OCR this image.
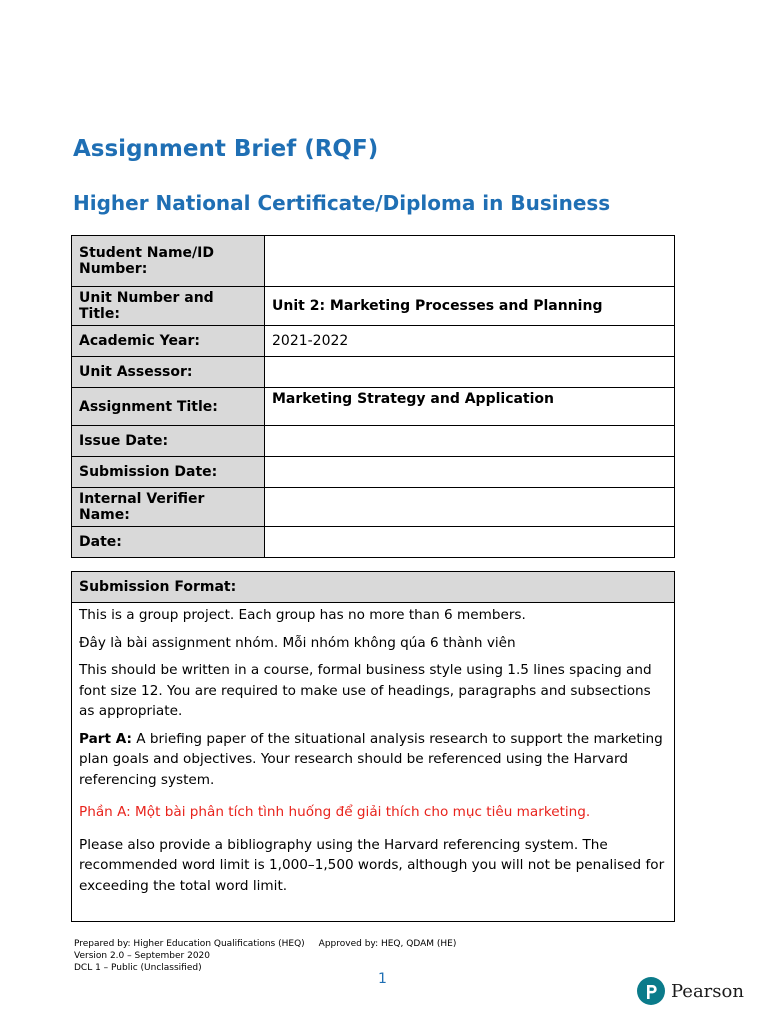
Assignment Brief (RQF)
Higher National Certificate/Diploma in Business
Student Name/ID Number:	
Unit Number and Title:	Unit 2: Marketing Processes and Planning
Academic Year:	2021-2022
Unit Assessor:	
Assignment Title:	Marketing Strategy and Application
Issue Date:	
Submission Date:	
Internal Verifier Name:	
Date:	
Submission Format:

This is a group project. Each group has no more than 6 members.

Đây là bài assignment nhóm. Mỗi nhóm không qúa 6 thành viên

This should be written in a course, formal business style using 1.5 lines spacing and font size 12. You are required to make use of headings, paragraphs and subsections as appropriate.

Part A: A briefing paper of the situational analysis research to support the marketing plan goals and objectives. Your research should be referenced using the Harvard referencing system.

Phần A: Một bài phân tích tình huống để giải thích cho mục tiêu marketing.

Please also provide a bibliography using the Harvard referencing system. The recommended word limit is 1,000–1,500 words, although you will not be penalised for exceeding the total word limit.

Prepared by: Higher Education Qualifications (HEQ) Approved by: HEQ, QDAM (HE)
Version 2.0 – September 2020
DCL 1 – Public (Unclassified)
1
Pearson
